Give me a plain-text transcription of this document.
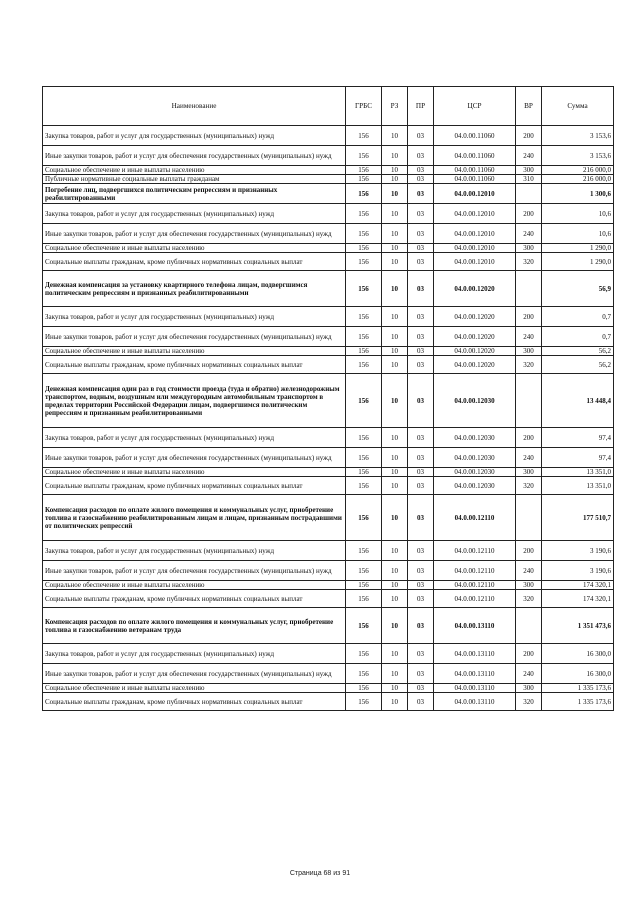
Наименование	ГРБС	РЗ	ПР	ЦСР	ВР	Сумма
Закупка товаров, работ и услуг для государственных (муниципальных) нужд	156	10	03	04.0.00.11060	200	3 153,6
Иные закупки товаров, работ и услуг для обеспечения государственных (муниципальных) нужд	156	10	03	04.0.00.11060	240	3 153,6
Социальное обеспечение и иные выплаты населению	156	10	03	04.0.00.11060	300	216 000,0
Публичные нормативные социальные выплаты гражданам	156	10	03	04.0.00.11060	310	216 000,0
Погребение лиц, подвергшихся политическим репрессиям и признанных реабилитированными	156	10	03	04.0.00.12010		1 300,6
Закупка товаров, работ и услуг для государственных (муниципальных) нужд	156	10	03	04.0.00.12010	200	10,6
Иные закупки товаров, работ и услуг для обеспечения государственных (муниципальных) нужд	156	10	03	04.0.00.12010	240	10,6
Социальное обеспечение и иные выплаты населению	156	10	03	04.0.00.12010	300	1 290,0
Социальные выплаты гражданам, кроме публичных нормативных социальных выплат	156	10	03	04.0.00.12010	320	1 290,0
Денежная компенсация за установку квартирного телефона лицам, подвергшимся политическим репрессиям и признанных реабилитированными	156	10	03	04.0.00.12020		56,9
Закупка товаров, работ и услуг для государственных (муниципальных) нужд	156	10	03	04.0.00.12020	200	0,7
Иные закупки товаров, работ и услуг для обеспечения государственных (муниципальных) нужд	156	10	03	04.0.00.12020	240	0,7
Социальное обеспечение и иные выплаты населению	156	10	03	04.0.00.12020	300	56,2
Социальные выплаты гражданам, кроме публичных нормативных социальных выплат	156	10	03	04.0.00.12020	320	56,2
Денежная компенсация один раз в год стоимости проезда (туда и обратно) железнодорожным транспортом, водным, воздушным или междугородным автомобильным транспортом в пределах территории Российской Федерации лицам, подвергшимся политическим репрессиям и признанным реабилитированными	156	10	03	04.0.00.12030		13 448,4
Закупка товаров, работ и услуг для государственных (муниципальных) нужд	156	10	03	04.0.00.12030	200	97,4
Иные закупки товаров, работ и услуг для обеспечения государственных (муниципальных) нужд	156	10	03	04.0.00.12030	240	97,4
Социальное обеспечение и иные выплаты населению	156	10	03	04.0.00.12030	300	13 351,0
Социальные выплаты гражданам, кроме публичных нормативных социальных выплат	156	10	03	04.0.00.12030	320	13 351,0
Компенсация расходов по оплате жилого помещения и коммунальных услуг, приобретение топлива и газоснабжению реабилитированным лицам и лицам, признанным пострадавшими от политических репрессий	156	10	03	04.0.00.12110		177 510,7
Закупка товаров, работ и услуг для государственных (муниципальных) нужд	156	10	03	04.0.00.12110	200	3 190,6
Иные закупки товаров, работ и услуг для обеспечения государственных (муниципальных) нужд	156	10	03	04.0.00.12110	240	3 190,6
Социальное обеспечение и иные выплаты населению	156	10	03	04.0.00.12110	300	174 320,1
Социальные выплаты гражданам, кроме публичных нормативных социальных выплат	156	10	03	04.0.00.12110	320	174 320,1
Компенсация расходов по оплате жилого помещения и коммунальных услуг, приобретение топлива и газоснабжению ветеранам труда	156	10	03	04.0.00.13110		1 351 473,6
Закупка товаров, работ и услуг для государственных (муниципальных) нужд	156	10	03	04.0.00.13110	200	16 300,0
Иные закупки товаров, работ и услуг для обеспечения государственных (муниципальных) нужд	156	10	03	04.0.00.13110	240	16 300,0
Социальное обеспечение и иные выплаты населению	156	10	03	04.0.00.13110	300	1 335 173,6
Социальные выплаты гражданам, кроме публичных нормативных социальных выплат	156	10	03	04.0.00.13110	320	1 335 173,6
Страница 68 из 91
